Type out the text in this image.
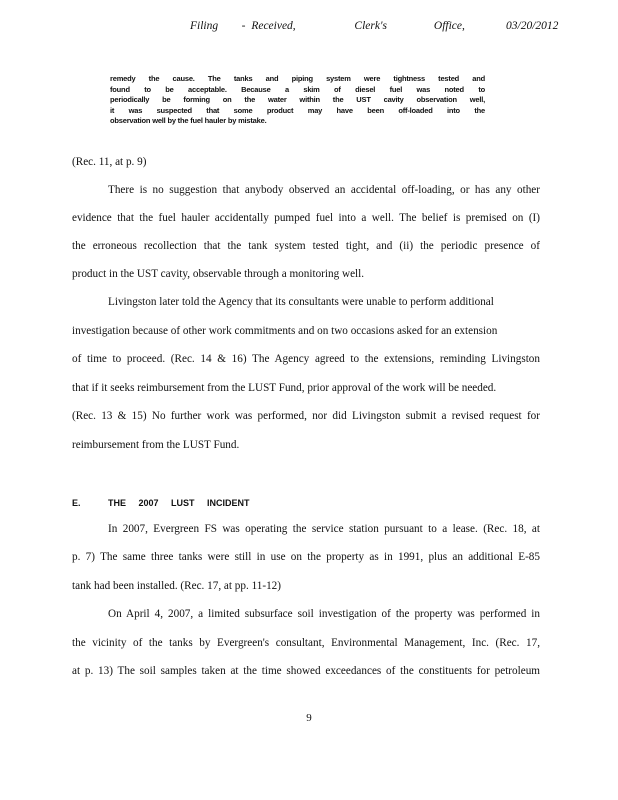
Filing    - Received,          Clerk's        Office,       03/20/2012
remedy the cause. The tanks and piping system were tightness tested and
found to be acceptable. Because a skim of diesel fuel was noted to
periodically be forming on the water within the UST cavity observation well,
it was suspected that some product may have been off-loaded into the
observation well by the fuel hauler by mistake.
(Rec. 11, at p. 9)
There is no suggestion that anybody observed an accidental off-loading, or has any other
evidence that the fuel hauler accidentally pumped fuel into a well. The belief is premised on (I)
the erroneous recollection that the tank system tested tight, and (ii) the periodic presence of
product in the UST cavity, observable through a monitoring well.
Livingston later told the Agency that its consultants were unable to perform additional
investigation because of other work commitments and on two occasions asked for an extension
of time to proceed. (Rec. 14 & 16) The Agency agreed to the extensions, reminding Livingston
that if it seeks reimbursement from the LUST Fund, prior approval of the work will be needed.
(Rec. 13 & 15) No further work was performed, nor did Livingston submit a revised request for
reimbursement from the LUST Fund.
In 2007, Evergreen FS was operating the service station pursuant to a lease. (Rec. 18, at
p. 7) The same three tanks were still in use on the property as in 1991, plus an additional E-85
tank had been installed. (Rec. 17, at pp. 11-12)
On April 4, 2007, a limited subsurface soil investigation of the property was performed in
the vicinity of the tanks by Evergreen's consultant, Environmental Management, Inc. (Rec. 17,
at p. 13) The soil samples taken at the time showed exceedances of the constituents for petroleum
E.	THE     2007     LUST     INCIDENT
9
